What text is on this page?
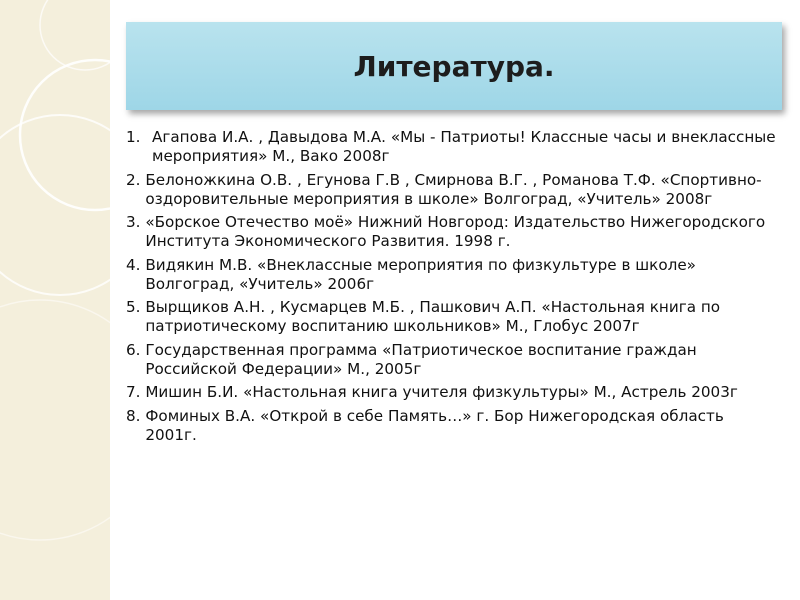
Литература.
1. Агапова И.А. , Давыдова М.А. «Мы - Патриоты! Классные часы и внеклассные мероприятия» М., Вако 2008г
2.
Белоножкина О.В. , Егунова Г.В , Смирнова В.Г. , Романова Т.Ф. «Спортивно-оздоровительные мероприятия в школе» Волгоград, «Учитель» 2008г
3.
«Борское Отечество моё» Нижний Новгород: Издательство Нижегородского Института Экономического Развития. 1998 г.
4.
Видякин М.В. «Внеклассные мероприятия по физкультуре в школе» Волгоград, «Учитель» 2006г
5.
Вырщиков А.Н. , Кусмарцев М.Б. , Пашкович А.П. «Настольная книга по патриотическому воспитанию школьников» М., Глобус 2007г
6.
Государственная программа «Патриотическое воспитание граждан Российской Федерации» М., 2005г
7.
Мишин Б.И. «Настольная книга учителя физкультуры» М., Астрель 2003г
8.
Фоминых В.А. «Открой в себе Память…» г. Бор Нижегородская область 2001г.
